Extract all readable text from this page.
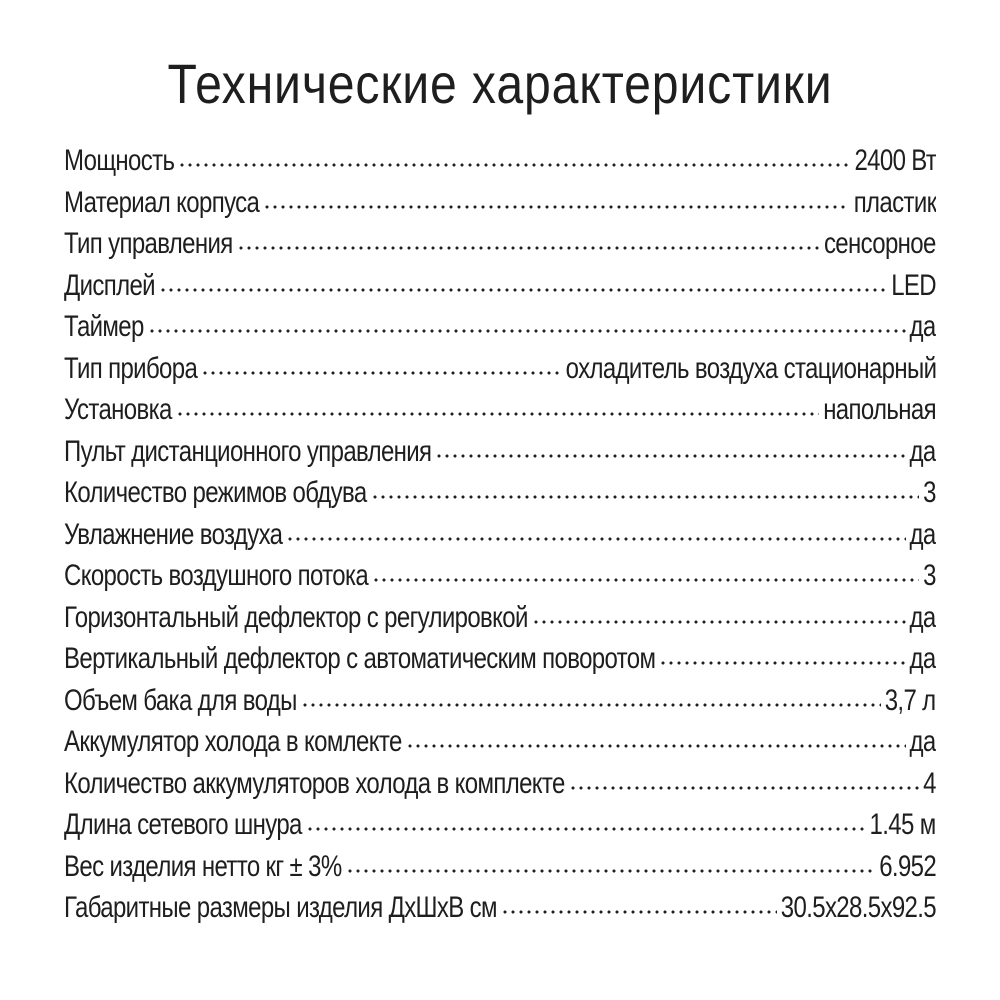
Технические характеристики
Мощность	2400 Вт
Материал корпуса	пластик
Тип управления	сенсорное
Дисплей	LED
Таймер	да
Тип прибора	охладитель воздуха стационарный
Установка	напольная
Пульт дистанционного управления	да
Количество режимов обдува	3
Увлажнение воздуха	да
Скорость воздушного потока	3
Горизонтальный дефлектор с регулировкой	да
Вертикальный дефлектор с автоматическим поворотом	да
Объем бака для воды	3,7 л
Аккумулятор холода в комлекте	да
Количество аккумуляторов холода в комплекте	4
Длина сетевого шнура	1.45 м
Вес изделия нетто кг ± 3%	6.952
Габаритные размеры изделия ДхШхВ см	30.5x28.5x92.5
